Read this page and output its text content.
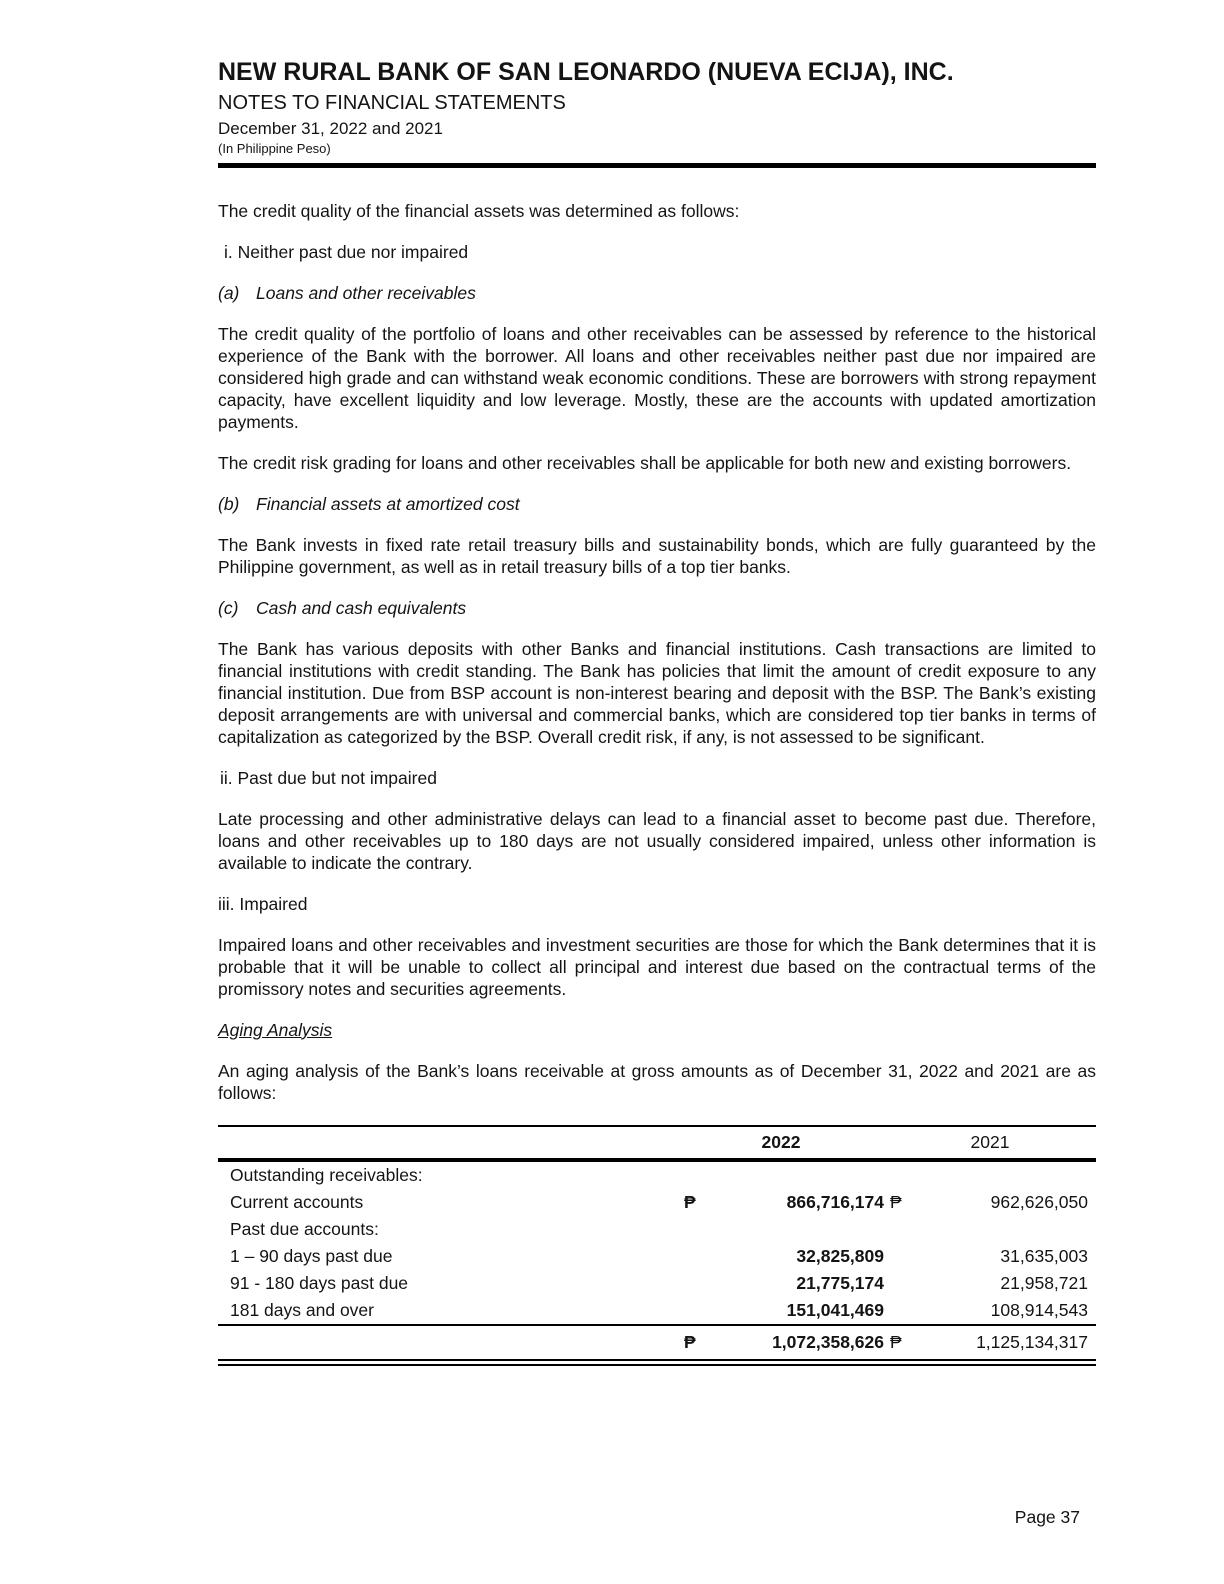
NEW RURAL BANK OF SAN LEONARDO (NUEVA ECIJA), INC.
NOTES TO FINANCIAL STATEMENTS
December 31, 2022 and 2021
(In Philippine Peso)

The credit quality of the financial assets was determined as follows:

i. Neither past due nor impaired

(a) Loans and other receivables

The credit quality of the portfolio of loans and other receivables can be assessed by reference to the historical experience of the Bank with the borrower. All loans and other receivables neither past due nor impaired are considered high grade and can withstand weak economic conditions. These are borrowers with strong repayment capacity, have excellent liquidity and low leverage. Mostly, these are the accounts with updated amortization payments.

The credit risk grading for loans and other receivables shall be applicable for both new and existing borrowers.

(b) Financial assets at amortized cost

The Bank invests in fixed rate retail treasury bills and sustainability bonds, which are fully guaranteed by the Philippine government, as well as in retail treasury bills of a top tier banks.

(c) Cash and cash equivalents

The Bank has various deposits with other Banks and financial institutions. Cash transactions are limited to financial institutions with credit standing. The Bank has policies that limit the amount of credit exposure to any financial institution. Due from BSP account is non-interest bearing and deposit with the BSP. The Bank’s existing deposit arrangements are with universal and commercial banks, which are considered top tier banks in terms of capitalization as categorized by the BSP. Overall credit risk, if any, is not assessed to be significant.

ii. Past due but not impaired

Late processing and other administrative delays can lead to a financial asset to become past due. Therefore, loans and other receivables up to 180 days are not usually considered impaired, unless other information is available to indicate the contrary.

iii. Impaired

Impaired loans and other receivables and investment securities are those for which the Bank determines that it is probable that it will be unable to collect all principal and interest due based on the contractual terms of the promissory notes and securities agreements.

Aging Analysis

An aging analysis of the Bank’s loans receivable at gross amounts as of December 31, 2022 and 2021 are as follows:

	2022		2021	
Outstanding receivables:				
Current accounts	₱	866,716,174	₱	962,626,050
Past due accounts:				
1 – 90 days past due		32,825,809		31,635,003
91 - 180 days past due		21,775,174		21,958,721
181 days and over		151,041,469		108,914,543
	₱	1,072,358,626	₱	1,125,134,317
Page 37
